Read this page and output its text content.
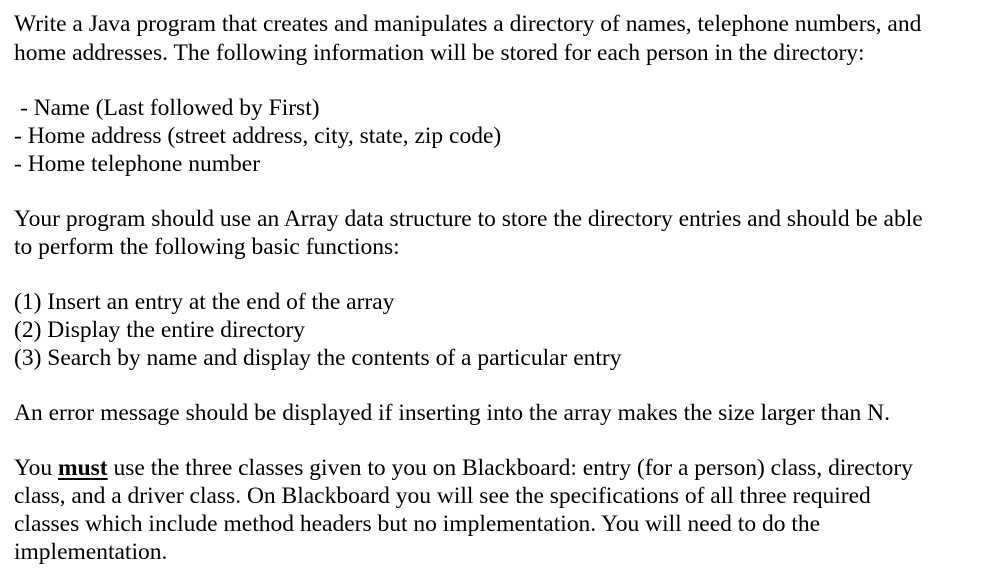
Write a Java program that creates and manipulates a directory of names, telephone numbers, and
home addresses. The following information will be stored for each person in the directory:
- Name (Last followed by First)
- Home address (street address, city, state, zip code)
- Home telephone number
Your program should use an Array data structure to store the directory entries and should be able
to perform the following basic functions:
(1) Insert an entry at the end of the array
(2) Display the entire directory
(3) Search by name and display the contents of a particular entry
An error message should be displayed if inserting into the array makes the size larger than N.
You must use the three classes given to you on Blackboard: entry (for a person) class, directory
class, and a driver class. On Blackboard you will see the specifications of all three required
classes which include method headers but no implementation. You will need to do the
implementation.
